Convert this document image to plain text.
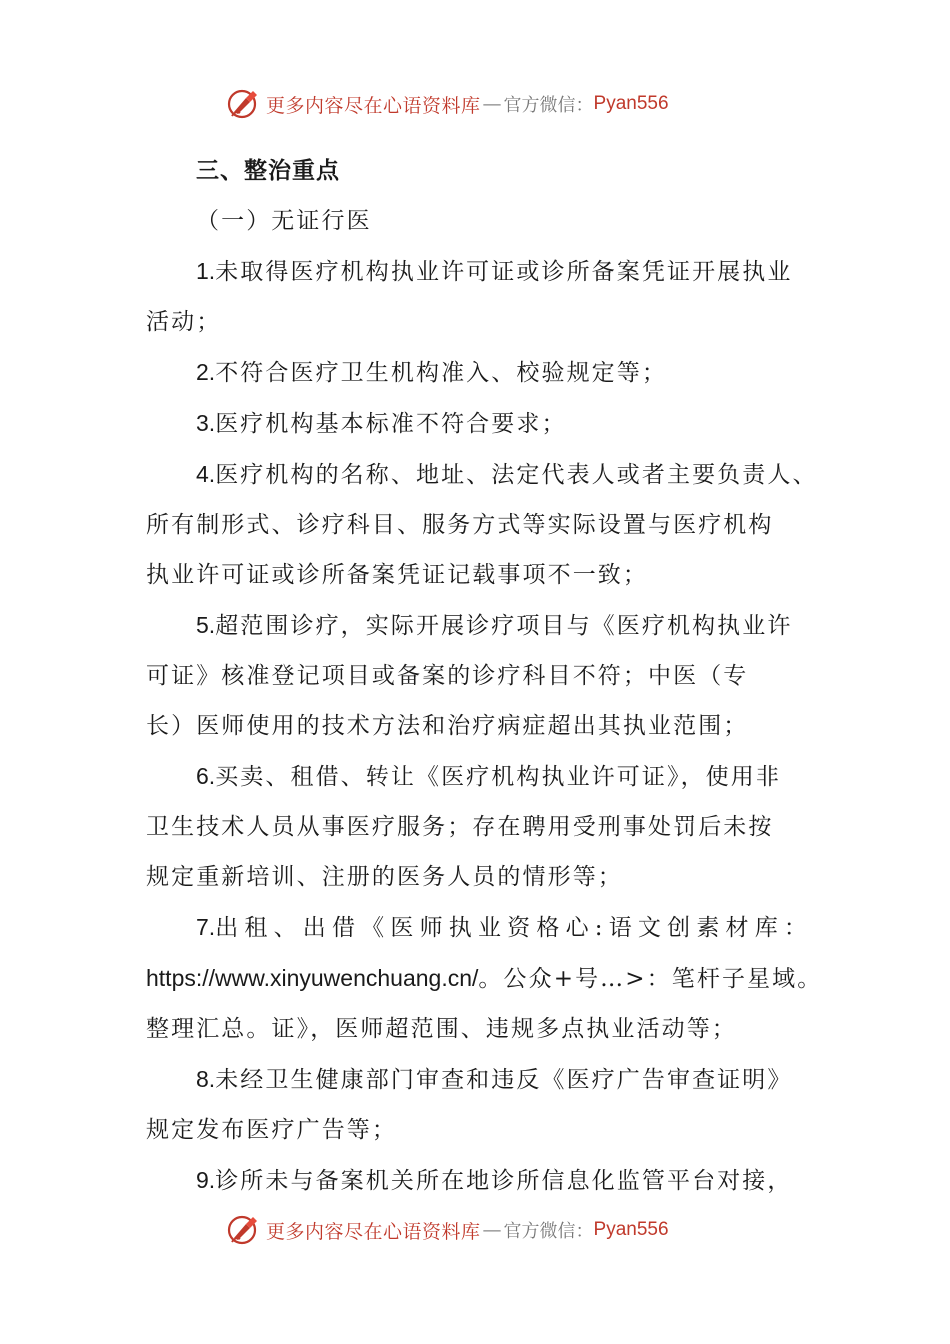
更多内容尽在心语资料库 — 官方微信： Pyan556

三、整治重点

（一）无证行医

1.未取得医疗机构执业许可证或诊所备案凭证开展执业

活动；

2.不符合医疗卫生机构准入、校验规定等；

3.医疗机构基本标准不符合要求；

4.医疗机构的名称、地址、法定代表人或者主要负责人、

所有制形式、诊疗科目、服务方式等实际设置与医疗机构

执业许可证或诊所备案凭证记载事项不一致；

5.超范围诊疗，实际开展诊疗项目与《医疗机构执业许

可证》核准登记项目或备案的诊疗科目不符；中医（专

长）医师使用的技术方法和治疗病症超出其执业范围；

6.买卖、租借、转让《医疗机构执业许可证》，使用非

卫生技术人员从事医疗服务；存在聘用受刑事处罚后未按

规定重新培训、注册的医务人员的情形等；

7.出租、出借《医师执业资格心:语文创素材库：

https://www.xinyuwenchuang.cn/。公众+号…>：笔杆子星域。

整理汇总。证》，医师超范围、违规多点执业活动等；

8.未经卫生健康部门审查和违反《医疗广告审查证明》

规定发布医疗广告等；

9.诊所未与备案机关所在地诊所信息化监管平台对接，

更多内容尽在心语资料库 — 官方微信： Pyan556
